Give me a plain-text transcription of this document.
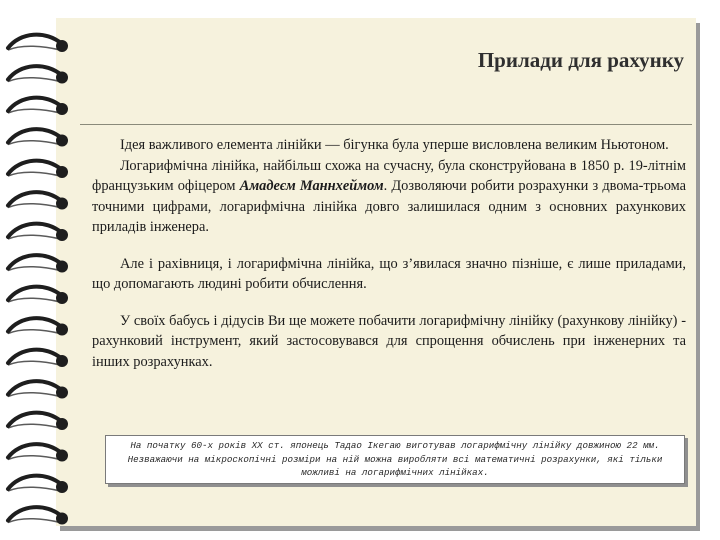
Прилади для рахунку

Ідея важливого елемента лінійки — бігунка була уперше висловлена великим Ньютоном.

Логарифмічна лінійка, найбільш схожа на сучасну, була сконструйована в 1850 р. 19-літнім французьким офіцером Амадеєм Маннхеймом. Дозволяючи робити розрахунки з двома-трьома точними цифрами, логарифмічна лінійка довго залишилася одним з основних рахункових приладів інженера.

Але і рахівниця, і логарифмічна лінійка, що з’явилася значно пізніше, є лише приладами, що допомагають людині робити обчислення.

У своїх бабусь і дідусів Ви ще можете побачити логарифмічну лінійку (рахункову лінійку) - рахунковий інструмент, який застосовувався для спрощення обчислень при інженерних та інших розрахунках.

На початку 60-х років XX ст. японець Тадао Ікегаю виготував логарифмічну лінійку довжиною 22 мм. Незважаючи на мікроскопічні розміри на ній можна виробляти всі математичні розрахунки, які тільки можливі на логарифмічних лінійках.
